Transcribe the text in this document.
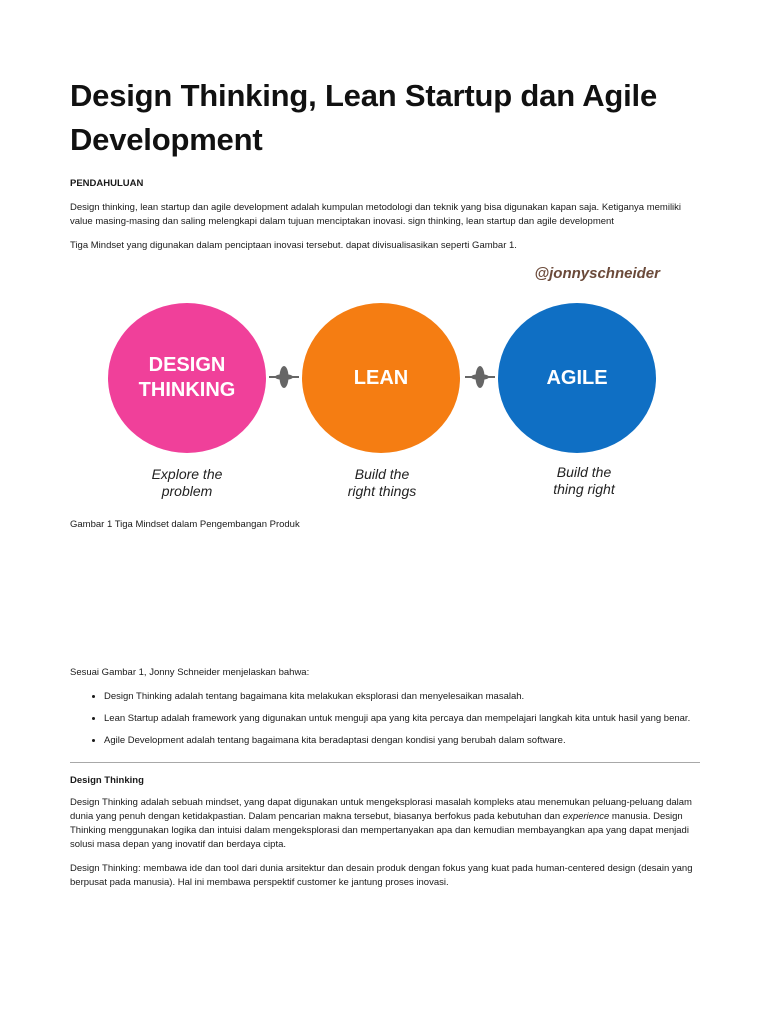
Design Thinking, Lean Startup dan Agile Development
PENDAHULUAN

Design thinking, lean startup dan agile development adalah kumpulan metodologi dan teknik yang bisa digunakan kapan saja. Ketiganya memiliki value masing-masing dan saling melengkapi dalam tujuan menciptakan inovasi. sign thinking, lean startup dan agile development

Tiga Mindset yang digunakan dalam penciptaan inovasi tersebut. dapat divisualisasikan seperti Gambar 1.

@jonnyschneider
DESIGN
THINKING
LEAN	AGILE
Explore the
problem
Build the
right things
Build the
thing right
Gambar 1 Tiga Mindset dalam Pengembangan Produk

Sesuai Gambar 1, Jonny Schneider menjelaskan bahwa:

• Design Thinking adalah tentang bagaimana kita melakukan eksplorasi dan menyelesaikan masalah.
• Lean Startup adalah framework yang digunakan untuk menguji apa yang kita percaya dan mempelajari langkah kita untuk hasil yang benar.
• Agile Development adalah tentang bagaimana kita beradaptasi dengan kondisi yang berubah dalam software.
Design Thinking

Design Thinking adalah sebuah mindset, yang dapat digunakan untuk mengeksplorasi masalah kompleks atau menemukan peluang-peluang dalam dunia yang penuh dengan ketidakpastian. Dalam pencarian makna tersebut, biasanya berfokus pada kebutuhan dan experience manusia. Design Thinking menggunakan logika dan intuisi dalam mengeksplorasi dan mempertanyakan apa dan kemudian membayangkan apa yang dapat menjadi solusi masa depan yang inovatif dan berdaya cipta.

Design Thinking: membawa ide dan tool dari dunia arsitektur dan desain produk dengan fokus yang kuat pada human-centered design (desain yang berpusat pada manusia). Hal ini membawa perspektif customer ke jantung proses inovasi.
